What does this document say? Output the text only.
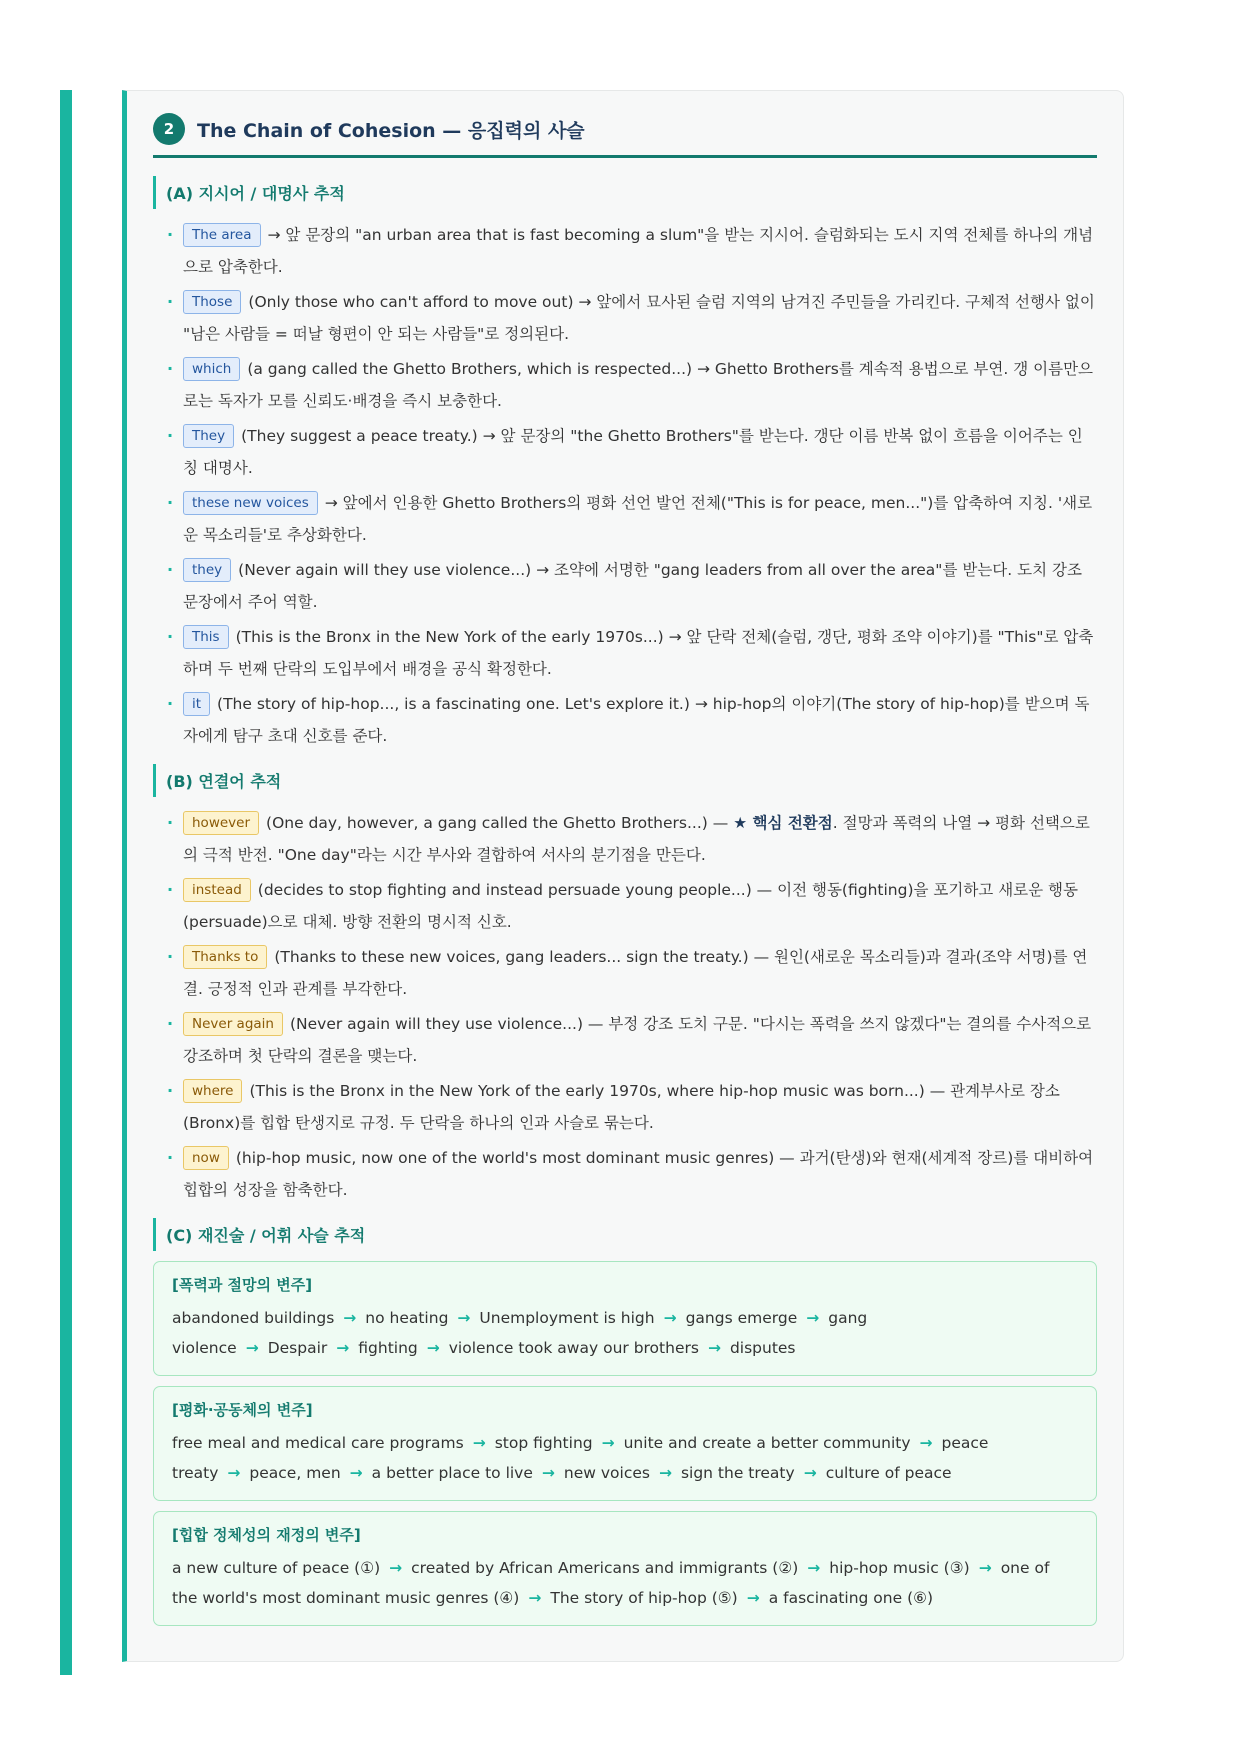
2	The Chain of Cohesion — 응집력의 사슬
(A) 지시어 / 대명사 추적
· The area → 앞 문장의 "an urban area that is fast becoming a slum"을 받는 지시어. 슬럼화되는 도시 지역 전체를 하나의 개념으로 압축한다.
· Those (Only those who can't afford to move out) → 앞에서 묘사된 슬럼 지역의 남겨진 주민들을 가리킨다. 구체적 선행사 없이 "남은 사람들 = 떠날 형편이 안 되는 사람들"로 정의된다.
· which (a gang called the Ghetto Brothers, which is respected...) → Ghetto Brothers를 계속적 용법으로 부연. 갱 이름만으로는 독자가 모를 신뢰도·배경을 즉시 보충한다.
· They (They suggest a peace treaty.) → 앞 문장의 "the Ghetto Brothers"를 받는다. 갱단 이름 반복 없이 흐름을 이어주는 인칭 대명사.
· these new voices → 앞에서 인용한 Ghetto Brothers의 평화 선언 발언 전체("This is for peace, men...")를 압축하여 지칭. '새로운 목소리들'로 추상화한다.
· they (Never again will they use violence...) → 조약에 서명한 "gang leaders from all over the area"를 받는다. 도치 강조 문장에서 주어 역할.
· This (This is the Bronx in the New York of the early 1970s...) → 앞 단락 전체(슬럼, 갱단, 평화 조약 이야기)를 "This"로 압축하며 두 번째 단락의 도입부에서 배경을 공식 확정한다.
· it (The story of hip-hop..., is a fascinating one. Let's explore it.) → hip-hop의 이야기(The story of hip-hop)를 받으며 독자에게 탐구 초대 신호를 준다.
(B) 연결어 추적
· however (One day, however, a gang called the Ghetto Brothers...) — ★ 핵심 전환점. 절망과 폭력의 나열 → 평화 선택으로의 극적 반전. "One day"라는 시간 부사와 결합하여 서사의 분기점을 만든다.
· instead (decides to stop fighting and instead persuade young people...) — 이전 행동(fighting)을 포기하고 새로운 행동(persuade)으로 대체. 방향 전환의 명시적 신호.
· Thanks to (Thanks to these new voices, gang leaders... sign the treaty.) — 원인(새로운 목소리들)과 결과(조약 서명)를 연결. 긍정적 인과 관계를 부각한다.
· Never again (Never again will they use violence...) — 부정 강조 도치 구문. "다시는 폭력을 쓰지 않겠다"는 결의를 수사적으로 강조하며 첫 단락의 결론을 맺는다.
· where (This is the Bronx in the New York of the early 1970s, where hip-hop music was born...) — 관계부사로 장소(Bronx)를 힙합 탄생지로 규정. 두 단락을 하나의 인과 사슬로 묶는다.
· now (hip-hop music, now one of the world's most dominant music genres) — 과거(탄생)와 현재(세계적 장르)를 대비하여 힙합의 성장을 함축한다.
(C) 재진술 / 어휘 사슬 추적
[폭력과 절망의 변주]
abandoned buildings → no heating → Unemployment is high → gangs emerge → gang violence → Despair → fighting → violence took away our brothers → disputes
[평화·공동체의 변주]
free meal and medical care programs → stop fighting → unite and create a better community → peace treaty → peace, men → a better place to live → new voices → sign the treaty → culture of peace
[힙합 정체성의 재정의 변주]
a new culture of peace (①) → created by African Americans and immigrants (②) → hip-hop music (③) → one of the world's most dominant music genres (④) → The story of hip-hop (⑤) → a fascinating one (⑥)
